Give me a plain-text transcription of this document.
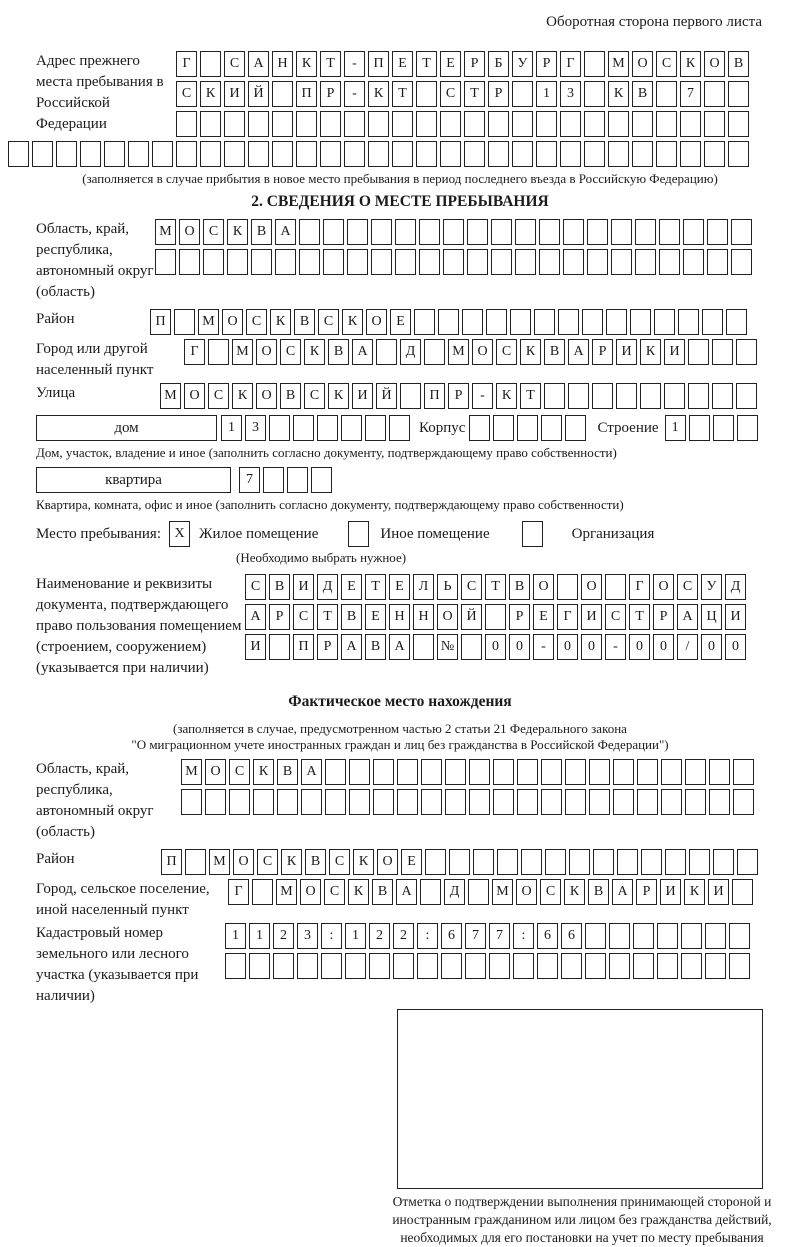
Оборотная сторона первого листа
Адрес прежнего места пребывания в Российской Федерации
Г	С	А Н	К	Т	-	П	Е	Т	Е	Р	Б	У	Р	Г	М О	С	К	О	В
С	К	И Й	П	Р	-	К	Т	С	Т	Р	1	3	К	В	7
(заполняется в случае прибытия в новое место пребывания в период последнего въезда в Российскую Федерацию)
2. СВЕДЕНИЯ О МЕСТЕ ПРЕБЫВАНИЯ
Область, край, республика, автономный округ (область)
М О	С	К	В	А
Район	П	М О	С	К	В	С	К	О	Е
Город или другой населенный пункт
Г	М О	С	К	В	А	Д	М О	С	К	В	А	Р	И	К	И
Улица	М О	С	К	О	В	С	К	И Й	П	Р	-	К	Т
дом	1	3	Корпус	Строение 1
Дом, участок, владение и иное (заполнить согласно документу, подтверждающему право собственности)
квартира	7
Квартира, комната, офис и иное (заполнить согласно документу, подтверждающему право собственности)
Место пребывания: X Жилое помещение	Иное помещение	Организация
(Необходимо выбрать нужное)
Наименование и реквизиты документа, подтверждающего право пользования помещением (строением, сооружением) (указывается при наличии)
С	В	И	Д	Е	Т	Е	Л	Ь	С	Т	В	О	О	Г	О	С	У	Д
А	Р	С	Т	В	Е	Н Н О Й	Р	Е	Г	И	С	Т	Р	А Ц И
И	П	Р	А	В	А	№	0	0	-	0	0	-	0	0	/	0	0
Фактическое место нахождения
(заполняется в случае, предусмотренном частью 2 статьи 21 Федерального закона
"О миграционном учете иностранных граждан и лиц без гражданства в Российской Федерации")
Область, край, республика, автономный округ (область)
М О	С	К	В	А
Район	П	М О	С	К	В	С	К	О	Е
Город, сельское поселение, иной населенный пункт
Г	М О	С	К	В	А	Д	М О	С	К	В	А	Р	И	К	И
Кадастровый номер земельного или лесного участка (указывается при наличии)
1	1	2	3	:	1	2	2	:	6	7	7	:	6	6
Отметка о подтверждении выполнения принимающей стороной и иностранным гражданином или лицом без гражданства действий, необходимых для его постановки на учет по месту пребывания
